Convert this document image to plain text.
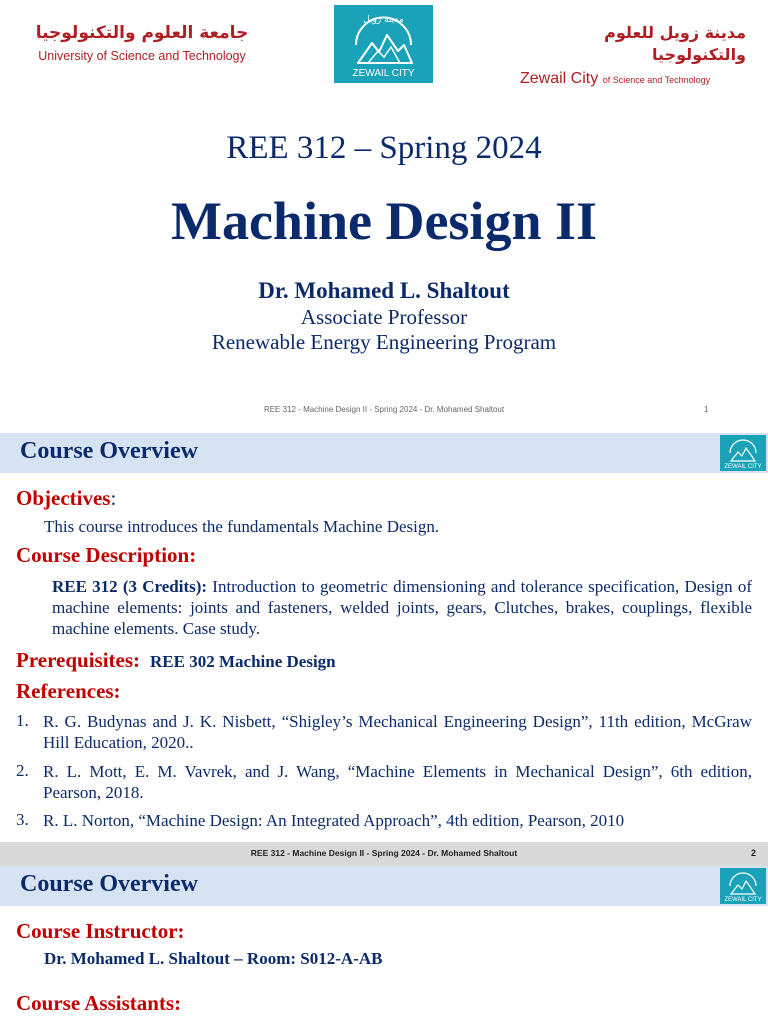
جامعة العلوم والتكنولوجيا
University of Science and Technology
مدينة زويل
ZEWAIL CITY
مدينة زويل للعلوم والتكنولوجيا
Zewail City of Science and Technology
REE 312 – Spring 2024
Machine Design II
Dr. Mohamed L. Shaltout
Associate Professor
Renewable Energy Engineering Program
REE 312 - Machine Design II - Spring 2024 - Dr. Mohamed Shaltout	1
Course Overview
ZEWAIL CITY
Objectives:
This course introduces the fundamentals Machine Design.
Course Description:
REE 312 (3 Credits): Introduction to geometric dimensioning and tolerance specification, Design of machine elements: joints and fasteners, welded joints, gears, Clutches, brakes, couplings, flexible machine elements. Case study.
Prerequisites: REE 302 Machine Design
References:
1. R. G. Budynas and J. K. Nisbett, “Shigley’s Mechanical Engineering Design”, 11th edition, McGraw Hill Education, 2020..
2. R. L. Mott, E. M. Vavrek, and J. Wang, “Machine Elements in Mechanical Design”, 6th edition, Pearson, 2018.
3. R. L. Norton, “Machine Design: An Integrated Approach”, 4th edition, Pearson, 2010
REE 312 - Machine Design II - Spring 2024 - Dr. Mohamed Shaltout	2
Course Overview
ZEWAIL CITY
Course Instructor:
Dr. Mohamed L. Shaltout – Room: S012-A-AB
Course Assistants:
